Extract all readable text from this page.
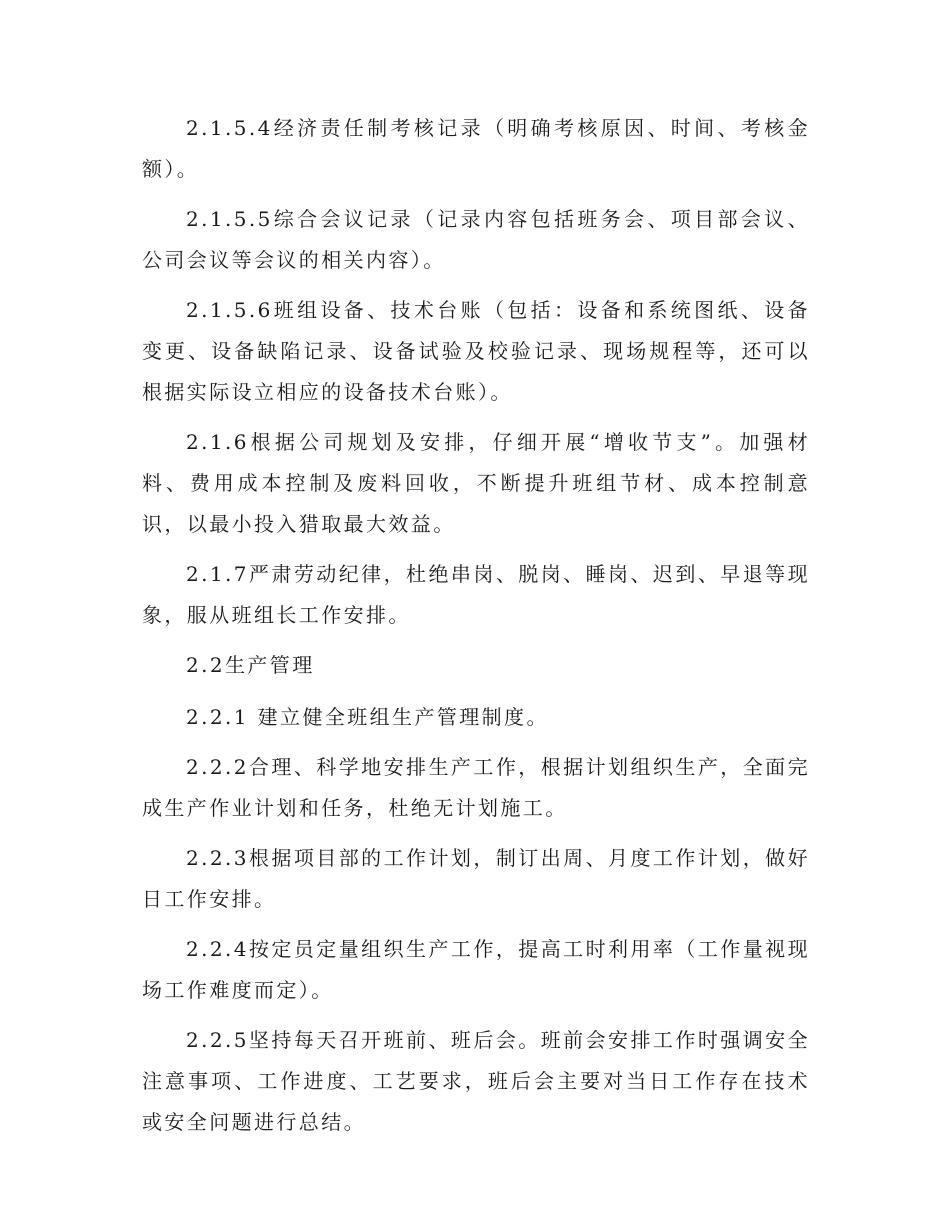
2.1.5.4经济责任制考核记录（明确考核原因、时间、考核金额）。

2.1.5.5综合会议记录（记录内容包括班务会、项目部会议、公司会议等会议的相关内容）。

2.1.5.6班组设备、技术台账（包括：设备和系统图纸、设备变更、设备缺陷记录、设备试验及校验记录、现场规程等，还可以根据实际设立相应的设备技术台账）。

2.1.6根据公司规划及安排，仔细开展“增收节支”。加强材料、费用成本控制及废料回收，不断提升班组节材、成本控制意识，以最小投入猎取最大效益。

2.1.7严肃劳动纪律，杜绝串岗、脱岗、睡岗、迟到、早退等现象，服从班组长工作安排。

2.2生产管理

2.2.1 建立健全班组生产管理制度。

2.2.2合理、科学地安排生产工作，根据计划组织生产，全面完成生产作业计划和任务，杜绝无计划施工。

2.2.3根据项目部的工作计划，制订出周、月度工作计划，做好日工作安排。

2.2.4按定员定量组织生产工作，提高工时利用率（工作量视现场工作难度而定）。

2.2.5坚持每天召开班前、班后会。班前会安排工作时强调安全注意事项、工作进度、工艺要求，班后会主要对当日工作存在技术或安全问题进行总结。
